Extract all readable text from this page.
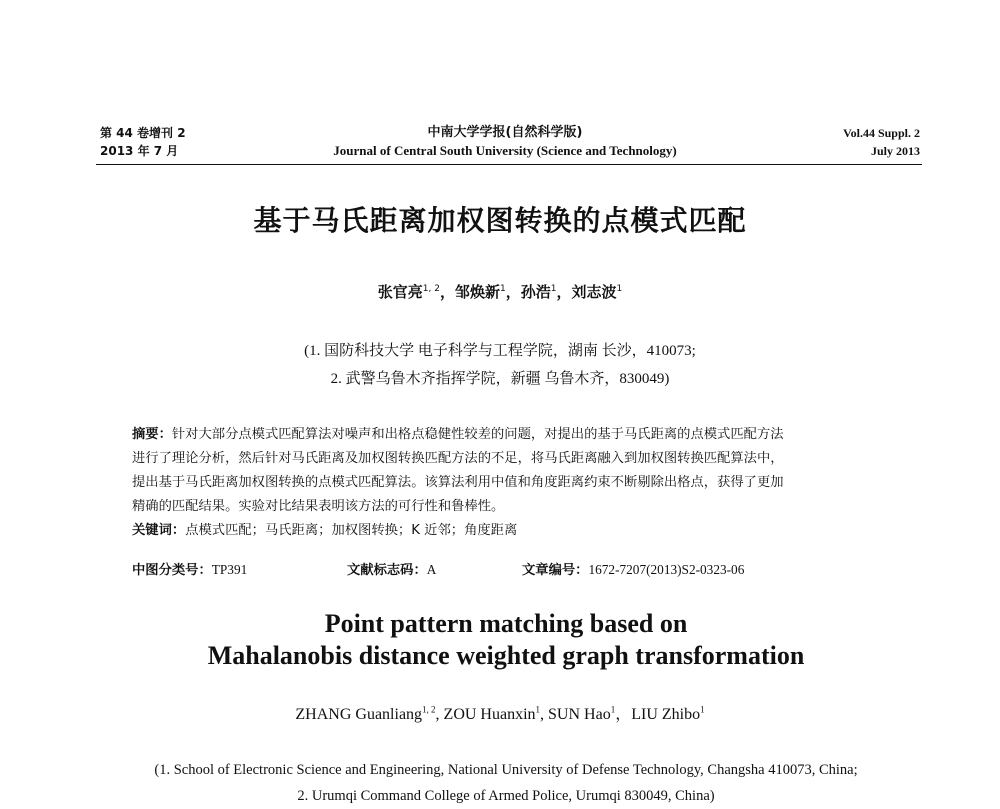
第 44 卷增刊 2
2013 年 7 月
中南大学学报(自然科学版)
Journal of Central South University (Science and Technology)
Vol.44 Suppl. 2
July 2013
基于马氏距离加权图转换的点模式匹配
张官亮$^{1, 2}$，邹焕新$^1$，孙浩$^1$，刘志波$^1$
(1. 国防科技大学 电子科学与工程学院，湖南 长沙，410073;
2. 武警乌鲁木齐指挥学院，新疆 乌鲁木齐，830049)
摘要：针对大部分点模式匹配算法对噪声和出格点稳健性较差的问题，对提出的基于马氏距离的点模式匹配方法
进行了理论分析，然后针对马氏距离及加权图转换匹配方法的不足，将马氏距离融入到加权图转换匹配算法中，
提出基于马氏距离加权图转换的点模式匹配算法。该算法利用中值和角度距离约束不断剔除出格点，获得了更加
精确的匹配结果。实验对比结果表明该方法的可行性和鲁棒性。
关键词：点模式匹配；马氏距离；加权图转换；K 近邻；角度距离
中图分类号：TP391	文献标志码：A	文章编号：1672-7207(2013)S2-0323-06
Point pattern matching based on
Mahalanobis distance weighted graph transformation
ZHANG Guanliang$^{1, 2}$, ZOU Huanxin$^1$, SUN Hao$^1$，LIU Zhibo$^1$
(1. School of Electronic Science and Engineering, National University of Defense Technology, Changsha 410073, China;
2. Urumqi Command College of Armed Police, Urumqi 830049, China)
